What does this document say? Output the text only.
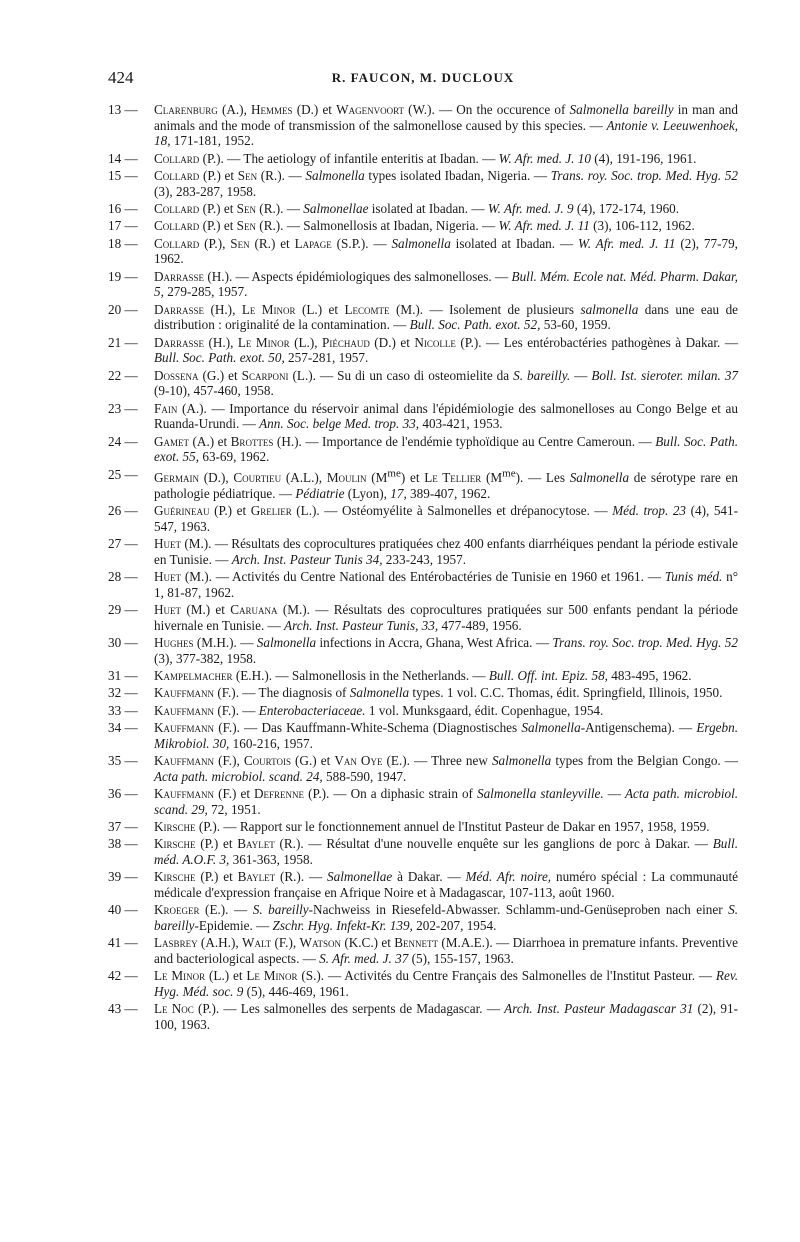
424	R. FAUCON, M. DUCLOUX
13 — Clarenburg (A.), Hemmes (D.) et Wagenvoort (W.). — On the occurence of Salmonella bareilly in man and animals and the mode of transmission of the salmonellose caused by this species. — Antonie v. Leeuwenhoek, 18, 171-181, 1952.
14 — Collard (P.). — The aetiology of infantile enteritis at Ibadan. — W. Afr. med. J. 10 (4), 191-196, 1961.
15 — Collard (P.) et Sen (R.). — Salmonella types isolated Ibadan, Nigeria. — Trans. roy. Soc. trop. Med. Hyg. 52 (3), 283-287, 1958.
16 — Collard (P.) et Sen (R.). — Salmonellae isolated at Ibadan. — W. Afr. med. J. 9 (4), 172-174, 1960.
17 — Collard (P.) et Sen (R.). — Salmonellosis at Ibadan, Nigeria. — W. Afr. med. J. 11 (3), 106-112, 1962.
18 — Collard (P.), Sen (R.) et Lapage (S.P.). — Salmonella isolated at Ibadan. — W. Afr. med. J. 11 (2), 77-79, 1962.
19 — Darrasse (H.). — Aspects épidémiologiques des salmonelloses. — Bull. Mém. Ecole nat. Méd. Pharm. Dakar, 5, 279-285, 1957.
20 — Darrasse (H.), Le Minor (L.) et Lecomte (M.). — Isolement de plusieurs salmonella dans une eau de distribution : originalité de la contamination. — Bull. Soc. Path. exot. 52, 53-60, 1959.
21 — Darrasse (H.), Le Minor (L.), Piéchaud (D.) et Nicolle (P.). — Les entérobactéries pathogènes à Dakar. — Bull. Soc. Path. exot. 50, 257-281, 1957.
22 — Dossena (G.) et Scarponi (L.). — Su di un caso di osteomielite da S. bareilly. — Boll. Ist. sieroter. milan. 37 (9-10), 457-460, 1958.
23 — Fain (A.). — Importance du réservoir animal dans l'épidémiologie des salmonelloses au Congo Belge et au Ruanda-Urundi. — Ann. Soc. belge Med. trop. 33, 403-421, 1953.
24 — Gamet (A.) et Brottes (H.). — Importance de l'endémie typhoïdique au Centre Cameroun. — Bull. Soc. Path. exot. 55, 63-69, 1962.
25 — Germain (D.), Courtieu (A.L.), Moulin $(M^{me})$ et Le Tellier $(M^{me})$. — Les Salmonella de sérotype rare en pathologie pédiatrique. — Pédiatrie (Lyon), 17, 389-407, 1962.
26 — Guérineau (P.) et Grelier (L.). — Ostéomyélite à Salmonelles et drépanocytose. — Méd. trop. 23 (4), 541-547, 1963.
27 — Huet (M.). — Résultats des coprocultures pratiquées chez 400 enfants diarrhéiques pendant la période estivale en Tunisie. — Arch. Inst. Pasteur Tunis 34, 233-243, 1957.
28 — Huet (M.). — Activités du Centre National des Entérobactéries de Tunisie en 1960 et 1961. — Tunis méd. n° 1, 81-87, 1962.
29 — Huet (M.) et Caruana (M.). — Résultats des coprocultures pratiquées sur 500 enfants pendant la période hivernale en Tunisie. — Arch. Inst. Pasteur Tunis, 33, 477-489, 1956.
30 — Hughes (M.H.). — Salmonella infections in Accra, Ghana, West Africa. — Trans. roy. Soc. trop. Med. Hyg. 52 (3), 377-382, 1958.
31 — Kampelmacher (E.H.). — Salmonellosis in the Netherlands. — Bull. Off. int. Epiz. 58, 483-495, 1962.
32 — Kauffmann (F.). — The diagnosis of Salmonella types. 1 vol. C.C. Thomas, édit. Springfield, Illinois, 1950.
33 — Kauffmann (F.). — Enterobacteriaceae. 1 vol. Munksgaard, édit. Copenhague, 1954.
34 — Kauffmann (F.). — Das Kauffmann-White-Schema (Diagnostisches Salmonella-Antigenschema). — Ergebn. Mikrobiol. 30, 160-216, 1957.
35 — Kauffmann (F.), Courtois (G.) et Van Oye (E.). — Three new Salmonella types from the Belgian Congo. — Acta path. microbiol. scand. 24, 588-590, 1947.
36 — Kauffmann (F.) et Defrenne (P.). — On a diphasic strain of Salmonella stanleyville. — Acta path. microbiol. scand. 29, 72, 1951.
37 — Kirsche (P.). — Rapport sur le fonctionnement annuel de l'Institut Pasteur de Dakar en 1957, 1958, 1959.
38 — Kirsche (P.) et Baylet (R.). — Résultat d'une nouvelle enquête sur les ganglions de porc à Dakar. — Bull. méd. A.O.F. 3, 361-363, 1958.
39 — Kirsche (P.) et Baylet (R.). — Salmonellae à Dakar. — Méd. Afr. noire, numéro spécial : La communauté médicale d'expression française en Afrique Noire et à Madagascar, 107-113, août 1960.
40 — Kroeger (E.). — S. bareilly-Nachweiss in Riesefeld-Abwasser. Schlamm-und-Genüseproben nach einer S. bareilly-Epidemie. — Zschr. Hyg. Infekt-Kr. 139, 202-207, 1954.
41 — Lasbrey (A.H.), Walt (F.), Watson (K.C.) et Bennett (M.A.E.). — Diarrhoea in premature infants. Preventive and bacteriological aspects. — S. Afr. med. J. 37 (5), 155-157, 1963.
42 — Le Minor (L.) et Le Minor (S.). — Activités du Centre Français des Salmonelles de l'Institut Pasteur. — Rev. Hyg. Méd. soc. 9 (5), 446-469, 1961.
43 — Le Noc (P.). — Les salmonelles des serpents de Madagascar. — Arch. Inst. Pasteur Madagascar 31 (2), 91-100, 1963.
